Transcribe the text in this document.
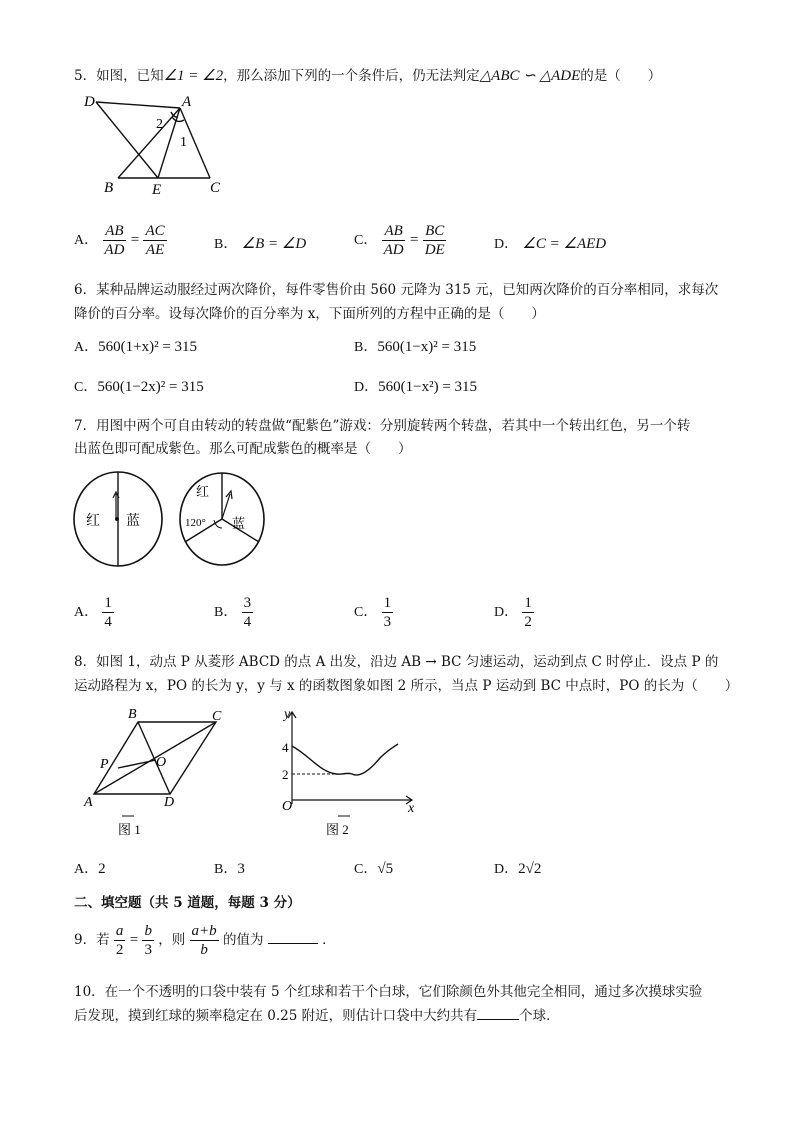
5．如图，已知∠1 = ∠2，那么添加下列的一个条件后，仍无法判定△ABC ∽ △ADE的是（　　）
D	A
B	E	C
1
2
A． $\frac{AB}{AD} = \frac{AC}{AE}$	B． ∠B = ∠D	C． $\frac{AB}{AD} = \frac{BC}{DE}$	D． ∠C = ∠AED
6．某种品牌运动服经过两次降价，每件零售价由 560 元降为 315 元，已知两次降价的百分率相同，求每次
降价的百分率。设每次降价的百分率为 x，下面所列的方程中正确的是（　　）
A．560(1+x)² = 315	B．560(1−x)² = 315
C．560(1−2x)² = 315	D．560(1−x²) = 315
7．用图中两个可自由转动的转盘做“配紫色”游戏：分别旋转两个转盘，若其中一个转出红色，另一个转
出蓝色即可配成紫色。那么可配成紫色的概率是（　　）
红 蓝
红
120° 蓝
A． $\frac{1}{4}$	B． $\frac{3}{4}$	C． $\frac{1}{3}$	D． $\frac{1}{2}$
8．如图 1，动点 P 从菱形 ABCD 的点 A 出发，沿边 AB → BC 匀速运动，运动到点 C 时停止．设点 P 的
运动路程为 x，PO 的长为 y，y 与 x 的函数图象如图 2 所示，当点 P 运动到 BC 中点时，PO 的长为（　　）
A
B	C
D
P	O
图 1
y
x
O
4
2
图 2
A．2	B．3	C．√5	D．2√2
二、填空题（共 5 道题，每题 3 分）
9．若 $\frac{a}{2} = \frac{b}{3}$ ，则 $\frac{a+b}{b}$ 的值为	．
10．在一个不透明的口袋中装有 5 个红球和若干个白球，它们除颜色外其他完全相同，通过多次摸球实验
后发现，摸到红球的频率稳定在 0.25 附近，则估计口袋中大约共有	个球．
